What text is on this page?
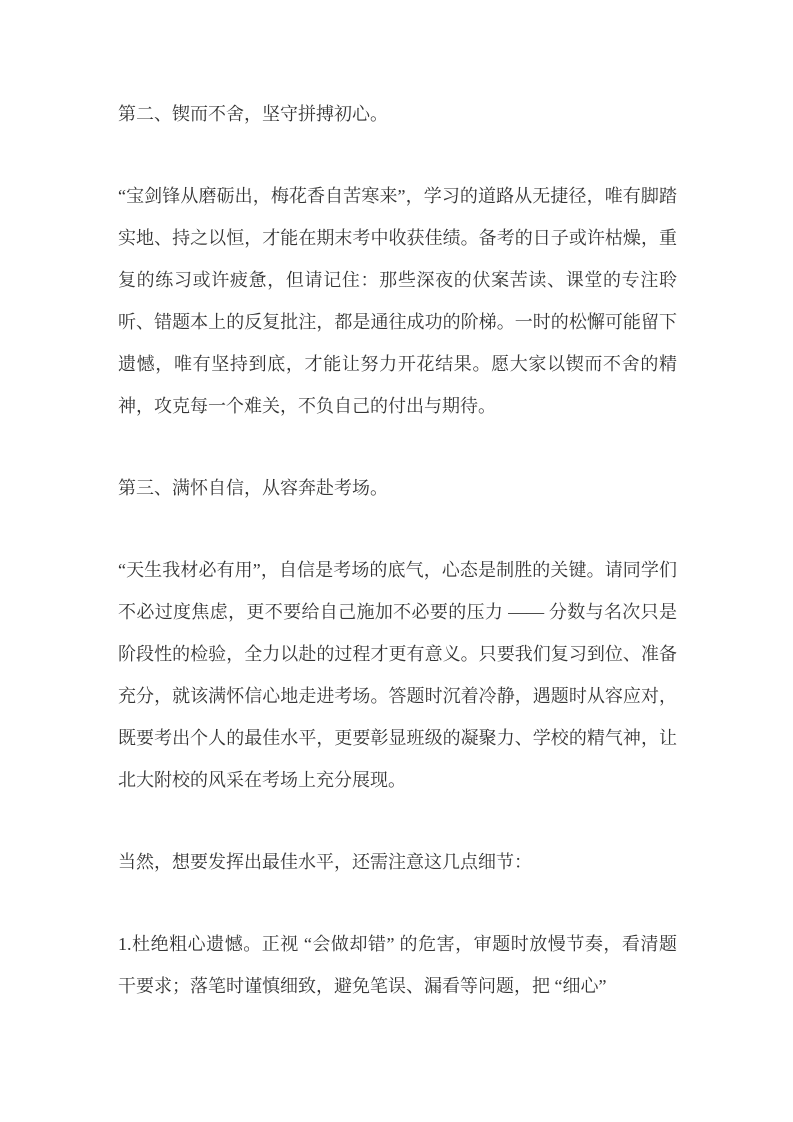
第二、锲而不舍，坚守拼搏初心。

“宝剑锋从磨砺出，梅花香自苦寒来”，学习的道路从无捷径，唯有脚踏实地、持之以恒，才能在期末考中收获佳绩。备考的日子或许枯燥，重复的练习或许疲惫，但请记住：那些深夜的伏案苦读、课堂的专注聆听、错题本上的反复批注，都是通往成功的阶梯。一时的松懈可能留下遗憾，唯有坚持到底，才能让努力开花结果。愿大家以锲而不舍的精神，攻克每一个难关，不负自己的付出与期待。

第三、满怀自信，从容奔赴考场。

“天生我材必有用”，自信是考场的底气，心态是制胜的关键。请同学们不必过度焦虑，更不要给自己施加不必要的压力 —— 分数与名次只是阶段性的检验，全力以赴的过程才更有意义。只要我们复习到位、准备充分，就该满怀信心地走进考场。答题时沉着冷静，遇题时从容应对，既要考出个人的最佳水平，更要彰显班级的凝聚力、学校的精气神，让北大附校的风采在考场上充分展现。

当然，想要发挥出最佳水平，还需注意这几点细节：

1.杜绝粗心遗憾。正视 “会做却错” 的危害，审题时放慢节奏，看清题干要求；落笔时谨慎细致，避免笔误、漏看等问题，把 “细心”
